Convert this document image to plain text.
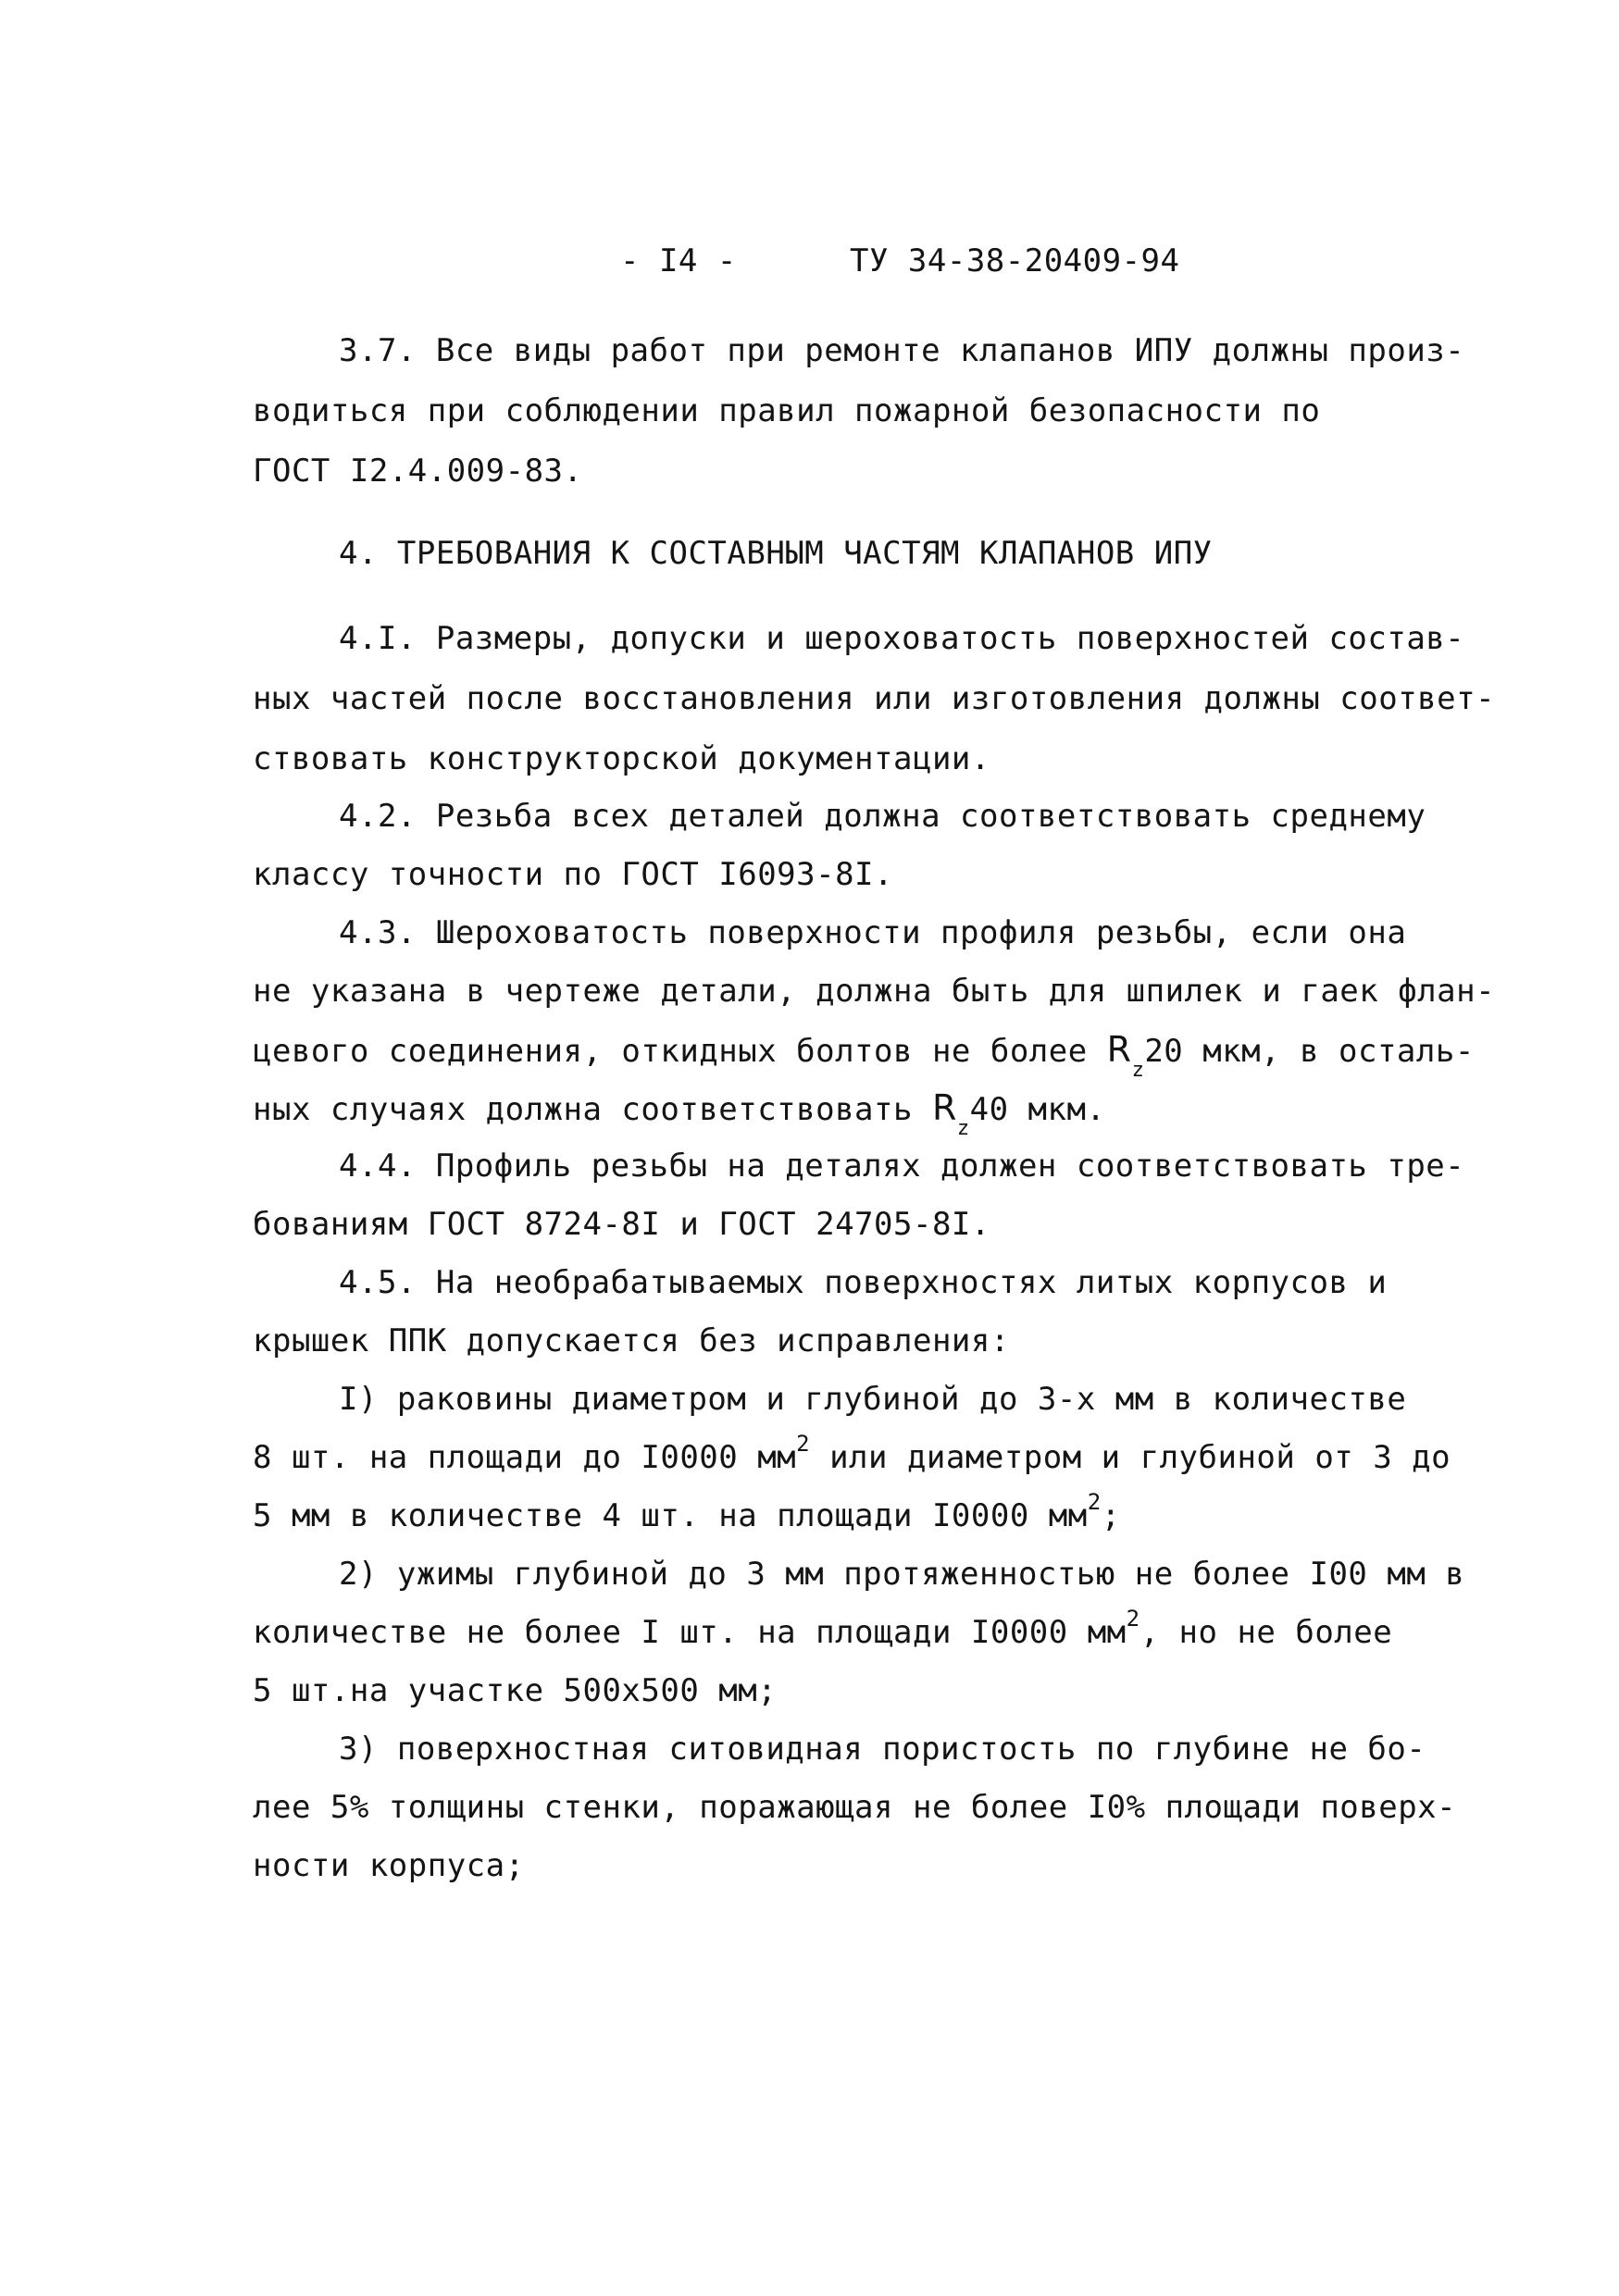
- I4 -	ТУ 34-38-20409-94
3.7. Все виды работ при ремонте клапанов ИПУ должны произ-
водиться при соблюдении правил пожарной безопасности по
ГОСТ I2.4.009-83.
4. ТРЕБОВАНИЯ К СОСТАВНЫМ ЧАСТЯМ КЛАПАНОВ ИПУ
4.I. Размеры, допуски и шероховатость поверхностей состав-
ных частей после восстановления или изготовления должны соответ-
ствовать конструкторской документации.
4.2. Резьба всех деталей должна соответствовать среднему
классу точности по ГОСТ I6093-8I.
4.3. Шероховатость поверхности профиля резьбы, если она
не указана в чертеже детали, должна быть для шпилек и гаек флан-
цевого соединения, откидных болтов не более $R_z20$ мкм, в осталь-
ных случаях должна соответствовать $R_z40$ мкм.
4.4. Профиль резьбы на деталях должен соответствовать тре-
бованиям ГОСТ 8724-8I и ГОСТ 24705-8I.
4.5. На необрабатываемых поверхностях литых корпусов и
крышек ППК допускается без исправления:
I) раковины диаметром и глубиной до 3-х мм в количестве
8 шт. на площади до I0000 $мм^2$ или диаметром и глубиной от 3 до
5 мм в количестве 4 шт. на площади I0000 $мм^2$;
2) ужимы глубиной до 3 мм протяженностью не более I00 мм в
количестве не более I шт. на площади I0000 $мм^2$, но не более
5 шт.на участке 500х500 мм;
3) поверхностная ситовидная пористость по глубине не бо-
лее 5% толщины стенки, поражающая не более I0% площади поверх-
ности корпуса;
